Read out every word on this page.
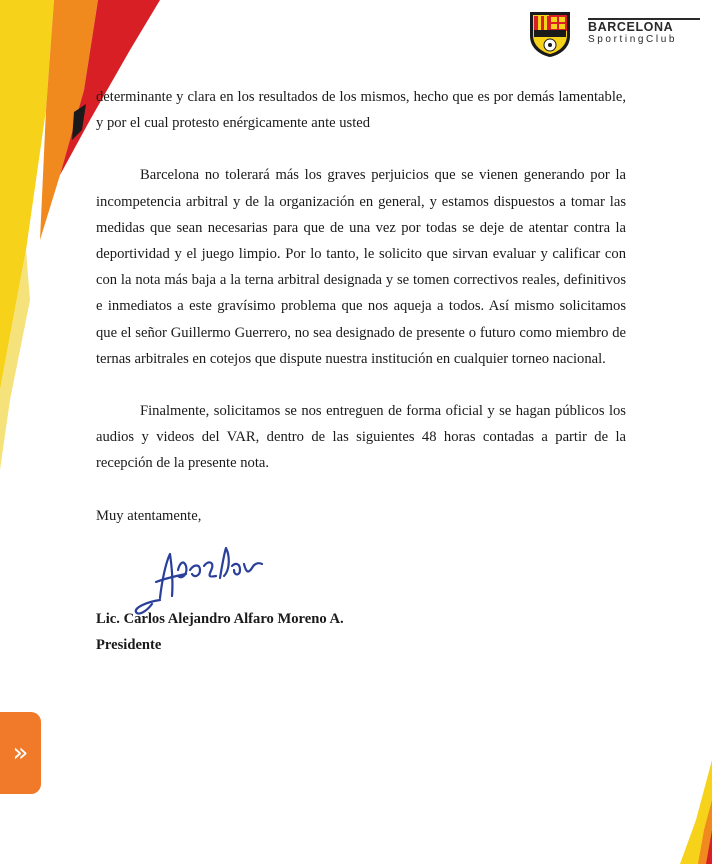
BARCELONA
SportingClub

determinante y clara en los resultados de los mismos, hecho que es por demás lamentable, y por el cual protesto enérgicamente ante usted

Barcelona no tolerará más los graves perjuicios que se vienen generando por la incompetencia arbitral y de la organización en general, y estamos dispuestos a tomar las medidas que sean necesarias para que de una vez por todas se deje de atentar contra la deportividad y el juego limpio. Por lo tanto, le solicito que sirvan evaluar y calificar con con la nota más baja a la terna arbitral designada y se tomen correctivos reales, definitivos e inmediatos a este gravísimo problema que nos aqueja a todos. Así mismo solicitamos que el señor Guillermo Guerrero, no sea designado de presente o futuro como miembro de ternas arbitrales en cotejos que dispute nuestra institución en cualquier torneo nacional.

Finalmente, solicitamos se nos entreguen de forma oficial y se hagan públicos los audios y videos del VAR, dentro de las siguientes 48 horas contadas a partir de la recepción de la presente nota.

Muy atentamente,

Lic. Carlos Alejandro Alfaro Moreno A.
Presidente
»
